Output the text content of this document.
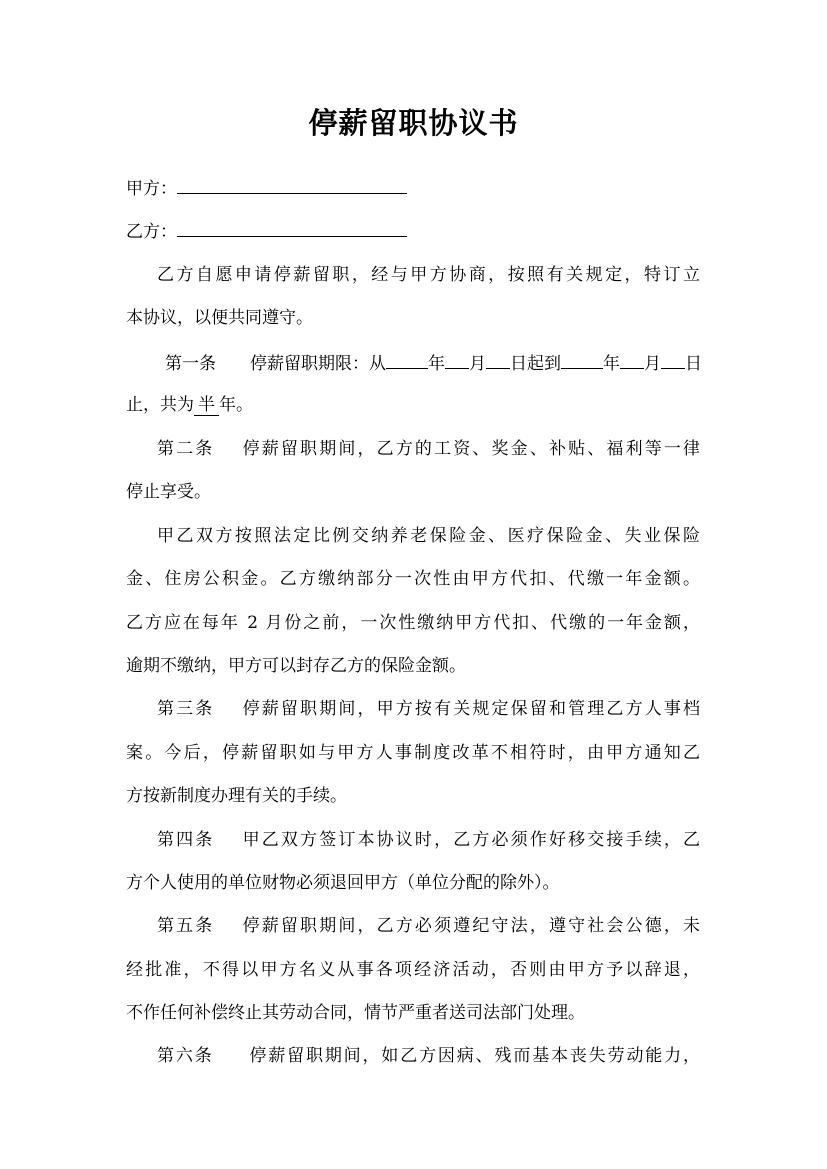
停薪留职协议书
甲方：
乙方：
乙方自愿申请停薪留职，经与甲方协商，按照有关规定，特订立
本协议，以便共同遵守。
第一条 停薪留职期限：从 年 月 日起到 年 月 日
止，共为 半 年。
第二条 停薪留职期间，乙方的工资、奖金、补贴、福利等一律
停止享受。
甲乙双方按照法定比例交纳养老保险金、医疗保险金、失业保险
金、住房公积金。乙方缴纳部分一次性由甲方代扣、代缴一年金额。
乙方应在每年 2 月份之前，一次性缴纳甲方代扣、代缴的一年金额，
逾期不缴纳，甲方可以封存乙方的保险金额。
第三条 停薪留职期间，甲方按有关规定保留和管理乙方人事档
案。今后，停薪留职如与甲方人事制度改革不相符时，由甲方通知乙
方按新制度办理有关的手续。
第四条 甲乙双方签订本协议时，乙方必须作好移交接手续，乙
方个人使用的单位财物必须退回甲方（单位分配的除外）。
第五条 停薪留职期间，乙方必须遵纪守法，遵守社会公德，未
经批准，不得以甲方名义从事各项经济活动，否则由甲方予以辞退，
不作任何补偿终止其劳动合同，情节严重者送司法部门处理。
第六条 停薪留职期间，如乙方因病、残而基本丧失劳动能力，
